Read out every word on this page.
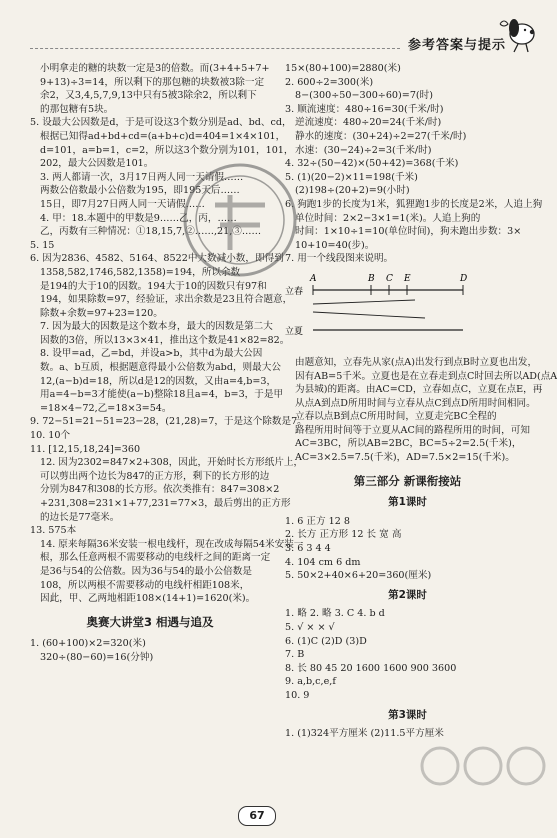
参考答案与提示
小明拿走的糖的块数一定是3的倍数。而(3+4+5+7+
9+13)÷3=14，所以剩下的那包糖的块数被3除一定
余2，又3,4,5,7,9,13中只有5被3除余2，所以剩下
的那包糖有5块。
5. 设最大公因数是d，于是可设这3个数分别是ad、bd、cd，
根据已知得ad+bd+cd=(a+b+c)d=404=1×4×101，
d=101，a=b=1，c=2，所以这3个数分别为101，101，
202，最大公因数是101。
3. 两人都请一次，3月17日两人同一天请假……
两数公倍数最小公倍数为195，即195天后……
15日，即7月27日两人同一天请假……
4. 甲：18.本题中的甲数是9……乙，丙，……
乙，丙数有三种情况：①18,15,7,②……,21,③……
5. 15
6. 因为2836、4582、5164、8522中大数减小数，即得到
1358,582,1746,582,1358)=194，所以余数
是194的大于10的因数。194大于10的因数只有97和
194，如果除数=97，经验证，求出余数是23且符合题意，
除数+余数=97+23=120。
7. 因为最大的因数是这个数本身，最大的因数是第二大
因数的3倍，所以13×3×41，推出这个数是41×82=82。
8. 设甲=ad，乙=bd，并设a>b，其中d为最大公因
数。a、b互质，根据题意得最小公倍数为abd，则最大公
12,(a−b)d=18，所以d是12的因数，又由a=4,b=3，
用a=4−b=3才能使(a−b)整除18且a=4，b=3，于是甲
=18×4−72,乙=18×3=54。
9. 72−51=21−51=23−28，(21,28)=7，于是这个除数是7。
10. 10个
11. [12,15,18,24]=360
12. 因为2302=847×2+308，因此，开始时长方形纸片上，
可以剪出两个边长为847的正方形，剩下的长方形的边
分别为847和308的长方形。依次类推有：847=308×2
+231,308=231×1+77,231=77×3，最后剪出的正方形
的边长是77毫米。
13. 575本
14. 原来每隔36米安装一根电线杆，现在改成每隔54米安装一
根，那么任意两根不需要移动的电线杆之间的距离一定
是36与54的公倍数。因为36与54的最小公倍数是
108，所以两根不需要移动的电线杆相距108米，
因此，甲、乙两地相距108×(14+1)=1620(米)。
奥赛大讲堂3 相遇与追及
1. (60+100)×2=320(米)
320÷(80−60)=16(分钟)
15×(80+100)=2880(米)
2. 600÷2=300(米)
8−(300÷50−300÷60)=7(时)
3. 顺流速度：480÷16=30(千米/时)
逆流速度：480÷20=24(千米/时)
静水的速度：(30+24)÷2=27(千米/时)
水速：(30−24)÷2=3(千米/时)
4. 32÷(50−42)×(50+42)=368(千米)
5. (1)(20−2)×11=198(千米)
(2)198÷(20+2)=9(小时)
6. 狗跑1步的长度为1米，狐狸跑1步的长度是2米，人追上狗
单位时间：2×2−3×1=1(米)。人追上狗的
时间：1×10÷1=10(单位时间)，狗未跑出步数：3×
10+10=40(步)。
7. 用一个线段图来说明。
A	B C E	D
立春
立夏
由题意知，立春先从家(点A)出发行到点B时立夏也出发，
因有AB=5千米。立夏也是在立春走到点C时回去所以AD(点A
为县城)的距离。由AC=CD，立春如点C，立夏在点E，再
从点A到点D所用时间与立春从点C到点D所用时间相同。
立春以点B到点C所用时间，立夏走完BC全程的
路程所用时间等于立夏从AC间的路程所用的时间，可知
AC=3BC，所以AB=2BC，BC=5÷2=2.5(千米)，
AC=3×2.5=7.5(千米)，AD=7.5×2=15(千米)。
第三部分 新课衔接站
第1课时
1. 6 正方 12 8
2. 长方 正方形 12 长 宽 高
3. 6 3 4 4
4. 104 cm 6 dm
5. 50×2+40×6+20=360(厘米)
第2课时
1. 略 2. 略 3. C 4. b d
5. √ × × √
6. (1)C (2)D (3)D
7. B
8. 长 80 45 20 1600 1600 900 3600
9. a,b,c,e,f
10. 9
第3课时
1. (1)324平方厘米 (2)11.5平方厘米
67
